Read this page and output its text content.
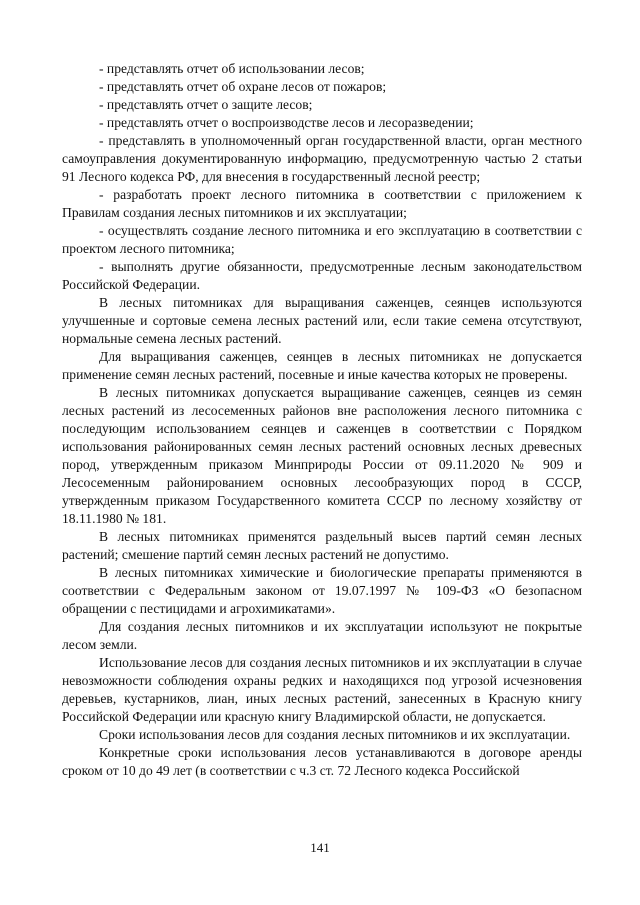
- представлять отчет об использовании лесов;

- представлять отчет об охране лесов от пожаров;

- представлять отчет о защите лесов;

- представлять отчет о воспроизводстве лесов и лесоразведении;

- представлять в уполномоченный орган государственной власти, орган местного самоуправления документированную информацию, предусмотренную частью 2 статьи 91 Лесного кодекса РФ, для внесения в государственный лесной реестр;

- разработать проект лесного питомника в соответствии с приложением к Правилам создания лесных питомников и их эксплуатации;

- осуществлять создание лесного питомника и его эксплуатацию в соответствии с проектом лесного питомника;

- выполнять другие обязанности, предусмотренные лесным законодательством Российской Федерации.

В лесных питомниках для выращивания саженцев, сеянцев используются улучшенные и сортовые семена лесных растений или, если такие семена отсутствуют, нормальные семена лесных растений.

Для выращивания саженцев, сеянцев в лесных питомниках не допускается применение семян лесных растений, посевные и иные качества которых не проверены.

В лесных питомниках допускается выращивание саженцев, сеянцев из семян лесных растений из лесосеменных районов вне расположения лесного питомника с последующим использованием сеянцев и саженцев в соответствии с Порядком использования районированных семян лесных растений основных лесных древесных пород, утвержденным приказом Минприроды России от 09.11.2020 № 909 и Лесосеменным районированием основных лесообразующих пород в СССР, утвержденным приказом Государственного комитета СССР по лесному хозяйству от 18.11.1980 № 181.

В лесных питомниках применятся раздельный высев партий семян лесных растений; смешение партий семян лесных растений не допустимо.

В лесных питомниках химические и биологические препараты применяются в соответствии с Федеральным законом от 19.07.1997 № 109-ФЗ «О безопасном обращении с пестицидами и агрохимикатами».

Для создания лесных питомников и их эксплуатации используют не покрытые лесом земли.

Использование лесов для создания лесных питомников и их эксплуатации в случае невозможности соблюдения охраны редких и находящихся под угрозой исчезновения деревьев, кустарников, лиан, иных лесных растений, занесенных в Красную книгу Российской Федерации или красную книгу Владимирской области, не допускается.

Сроки использования лесов для создания лесных питомников и их эксплуатации.

Конкретные сроки использования лесов устанавливаются в договоре аренды сроком от 10 до 49 лет (в соответствии с ч.3 ст. 72 Лесного кодекса Российской

141
